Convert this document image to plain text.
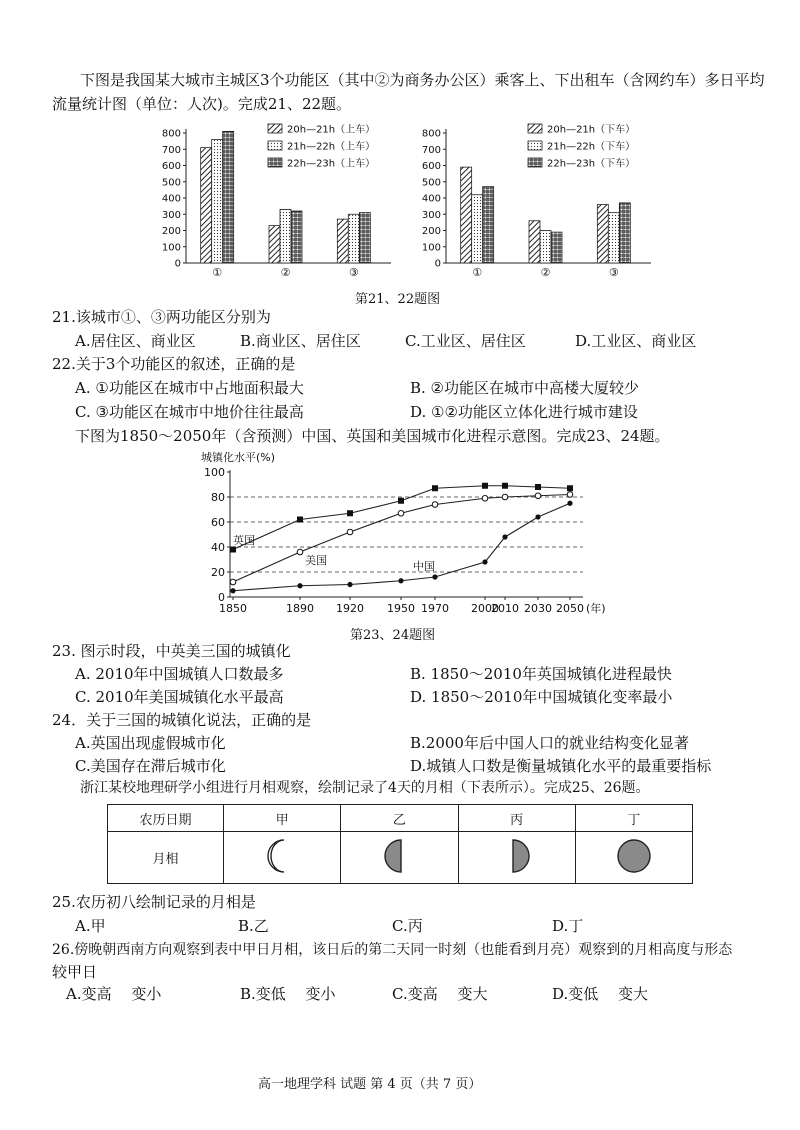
下图是我国某大城市主城区3个功能区（其中②为商务办公区）乘客上、下出租车（含网约车）多日平均
流量统计图（单位：人次)。完成21、22题。
0
100
200
300
400
500
600
700
800
①	②	③
20h—21h（上车）
21h—22h（上车）
22h—23h（上车）
0
100
200
300
400
500
600
700
800
①	②	③
20h—21h（下车）
21h—22h（下车）
22h—23h（下车）
第21、22题图
21.该城市①、③两功能区分别为
A.居住区、商业区	B.商业区、居住区	C.工业区、居住区	D.工业区、商业区
22.关于3个功能区的叙述，正确的是
A. ①功能区在城市中占地面积最大	B. ②功能区在城市中高楼大厦较少
C. ③功能区在城市中地价往往最高	D. ①②功能区立体化进行城市建设
下图为1850～2050年（含预测）中国、英国和美国城市化进程示意图。完成23、24题。
城镇化水平(%)
0
20
40
60
80
100
1850	1890 1920 1950 1970 2000
2010 2030 2050 (年)
英国
美国	中国
第23、24题图
23. 图示时段，中英美三国的城镇化
A. 2010年中国城镇人口数最多	B. 1850～2010年英国城镇化进程最快
C. 2010年美国城镇化水平最高	D. 1850～2010年中国城镇化变率最小
24．关于三国的城镇化说法，正确的是
A.英国出现虚假城市化	B.2000年后中国人口的就业结构变化显著
C.美国存在滞后城市化	D.城镇人口数是衡量城镇化水平的最重要指标
浙江某校地理研学小组进行月相观察，绘制记录了4天的月相（下表所示）。完成25、26题。
农历日期	甲	乙	丙	丁
月相				
25.农历初八绘制记录的月相是
A.甲	B.乙	C.丙	D.丁
26.傍晚朝西南方向观察到表中甲日月相，该日后的第二天同一时刻（也能看到月亮）观察到的月相高度与形态
较甲日
A.变高　 变小	B.变低　 变小	C.变高　 变大	D.变低　 变大
高一地理学科 试题 第 4 页（共 7 页）
